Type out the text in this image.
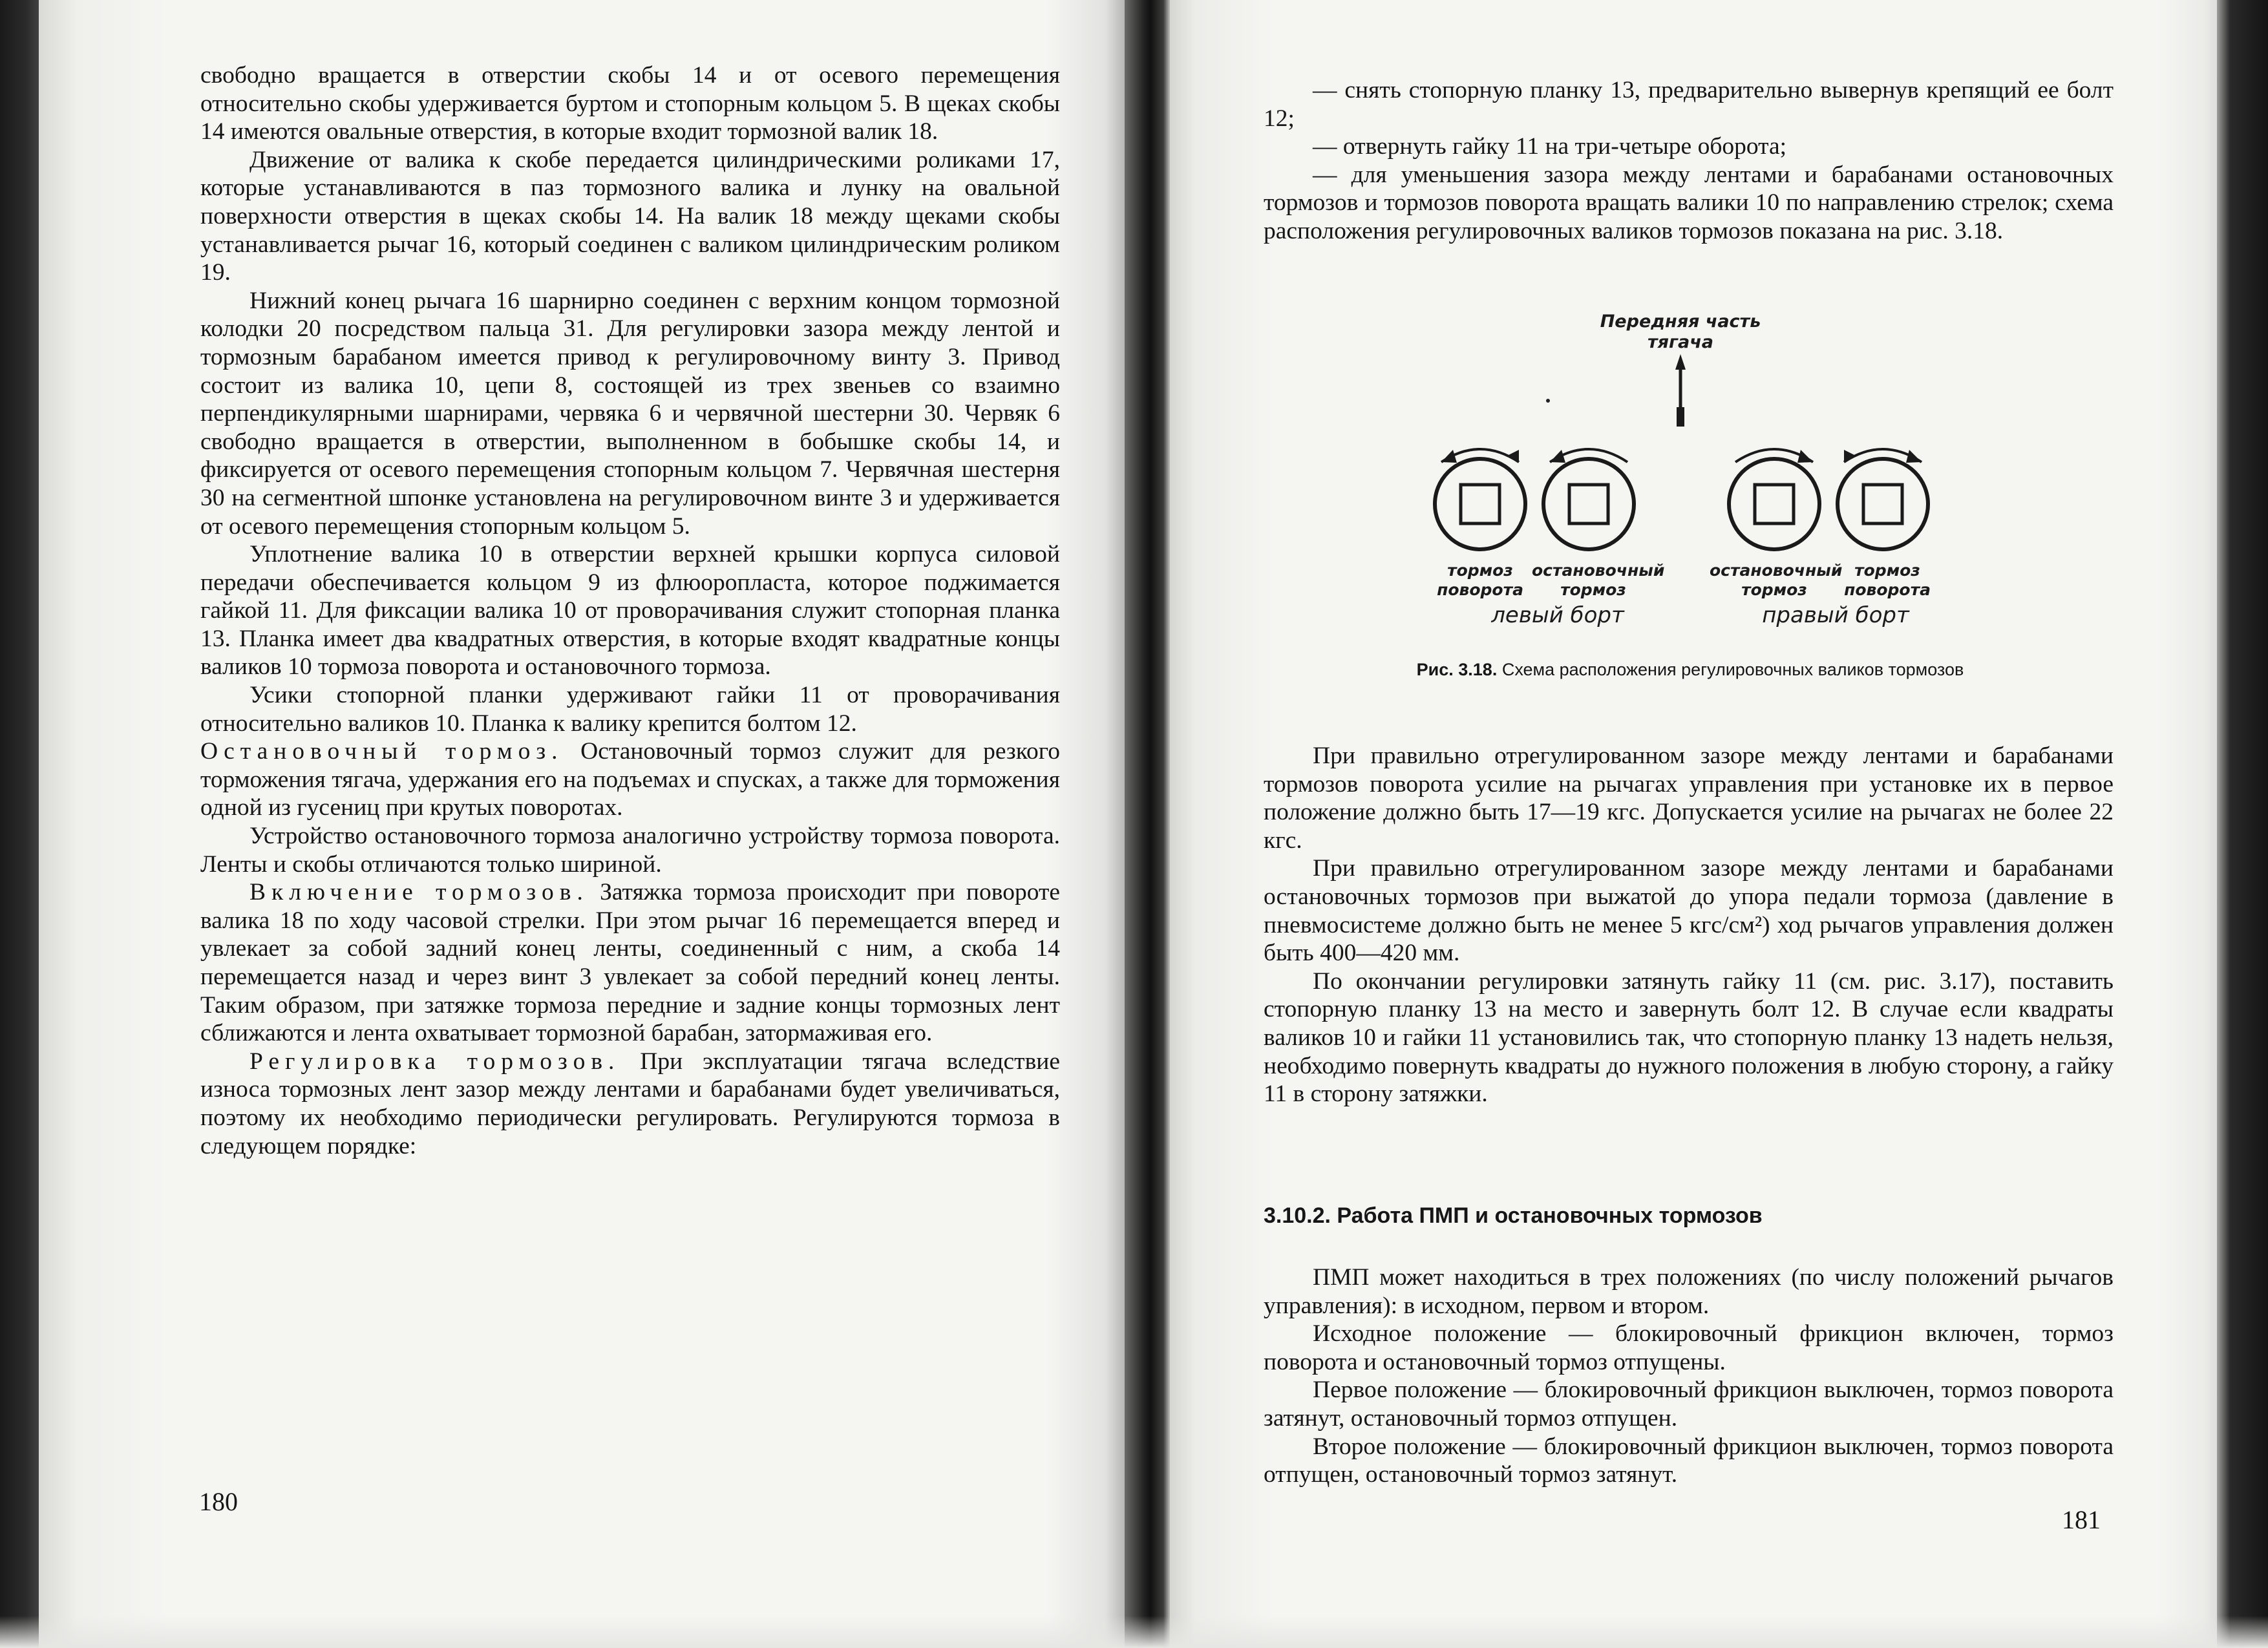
свободно вращается в отверстии скобы 14 и от осевого перемещения относительно скобы удерживается буртом и стопорным кольцом 5. В щеках скобы 14 имеются овальные отверстия, в которые входит тормозной валик 18.

Движение от валика к скобе передается цилиндрическими роликами 17, которые устанавливаются в паз тормозного валика и лунку на овальной поверхности отверстия в щеках скобы 14. На валик 18 между щеками скобы устанавливается рычаг 16, который соединен с валиком цилиндрическим роликом 19.

Нижний конец рычага 16 шарнирно соединен с верхним концом тормозной колодки 20 посредством пальца 31. Для регулировки зазора между лентой и тормозным барабаном имеется привод к регулировочному винту 3. Привод состоит из валика 10, цепи 8, состоящей из трех звеньев со взаимно перпендикулярными шарнирами, червяка 6 и червячной шестерни 30. Червяк 6 свободно вращается в отверстии, выполненном в бобышке скобы 14, и фиксируется от осевого перемещения стопорным кольцом 7. Червячная шестерня 30 на сегментной шпонке установлена на регулировочном винте 3 и удерживается от осевого перемещения стопорным кольцом 5.

Уплотнение валика 10 в отверстии верхней крышки корпуса силовой передачи обеспечивается кольцом 9 из флюоропласта, которое поджимается гайкой 11. Для фиксации валика 10 от проворачивания служит стопорная планка 13. Планка имеет два квадратных отверстия, в которые входят квадратные концы валиков 10 тормоза поворота и остановочного тормоза.

Усики стопорной планки удерживают гайки 11 от проворачивания относительно валиков 10. Планка к валику крепится болтом 12.

Остановочный тормоз. Остановочный тормоз служит для резкого торможения тягача, удержания его на подъемах и спусках, а также для торможения одной из гусениц при крутых поворотах.

Устройство остановочного тормоза аналогично устройству тормоза поворота. Ленты и скобы отличаются только шириной.

Включение тормозов. Затяжка тормоза происходит при повороте валика 18 по ходу часовой стрелки. При этом рычаг 16 перемещается вперед и увлекает за собой задний конец ленты, соединенный с ним, а скоба 14 перемещается назад и через винт 3 увлекает за собой передний конец ленты. Таким образом, при затяжке тормоза передние и задние концы тормозных лент сближаются и лента охватывает тормозной барабан, затормаживая его.

Регулировка тормозов. При эксплуатации тягача вследствие износа тормозных лент зазор между лентами и барабанами будет увеличиваться, поэтому их необходимо периодически регулировать. Регулируются тормоза в следующем порядке:

180

— снять стопорную планку 13, предварительно вывернув крепящий ее болт 12;

— отвернуть гайку 11 на три-четыре оборота;

— для уменьшения зазора между лентами и барабанами остановочных тормозов и тормозов поворота вращать валики 10 по направлению стрелок; схема расположения регулировочных валиков тормозов показана на рис. 3.18.

Передняя часть
тягача
тормоз
поворота
остановочный
тормоз
остановочный
тормоз
тормоз
поворота
левый борт	правый борт
Рис. 3.18. Схема расположения регулировочных валиков тормозов

При правильно отрегулированном зазоре между лентами и барабанами тормозов поворота усилие на рычагах управления при установке их в первое положение должно быть 17—19 кгс. Допускается усилие на рычагах не более 22 кгс.

При правильно отрегулированном зазоре между лентами и барабанами остановочных тормозов при выжатой до упора педали тормоза (давление в пневмосистеме должно быть не менее 5 кгс/см²) ход рычагов управления должен быть 400—420 мм.

По окончании регулировки затянуть гайку 11 (см. рис. 3.17), поставить стопорную планку 13 на место и завернуть болт 12. В случае если квадраты валиков 10 и гайки 11 установились так, что стопорную планку 13 надеть нельзя, необходимо повернуть квадраты до нужного положения в любую сторону, а гайку 11 в сторону затяжки.

3.10.2. Работа ПМП и остановочных тормозов

ПМП может находиться в трех положениях (по числу положений рычагов управления): в исходном, первом и втором.

Исходное положение — блокировочный фрикцион включен, тормоз поворота и остановочный тормоз отпущены.

Первое положение — блокировочный фрикцион выключен, тормоз поворота затянут, остановочный тормоз отпущен.

Второе положение — блокировочный фрикцион выключен, тормоз поворота отпущен, остановочный тормоз затянут.

181
